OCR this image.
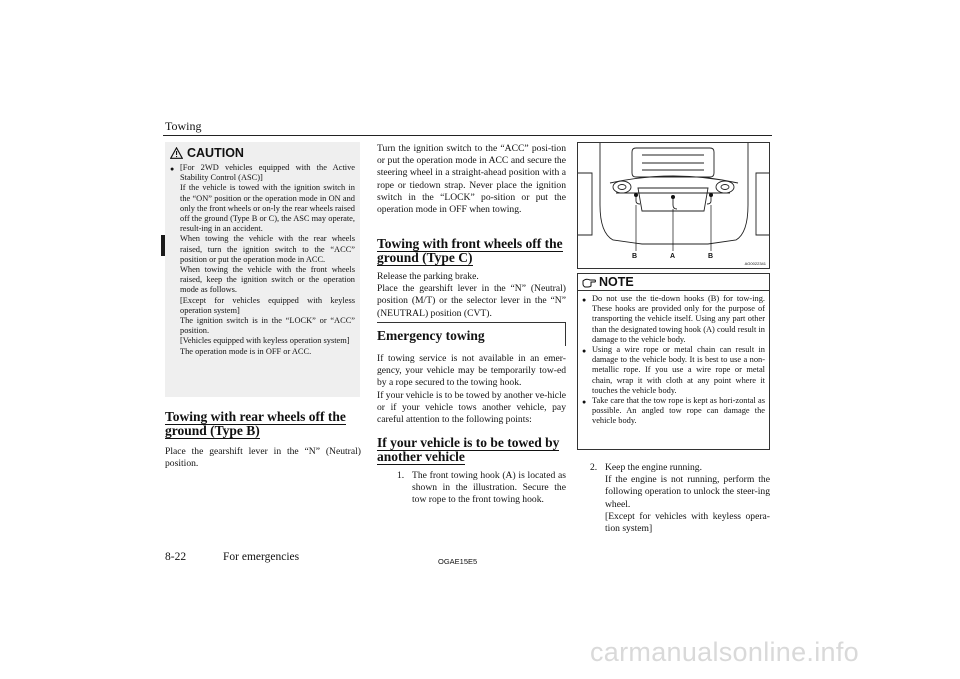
Towing
CAUTION
● [For 2WD vehicles equipped with the Active Stability Control (ASC)]

If the vehicle is towed with the ignition switch in the “ON” position or the operation mode in ON and only the front wheels or on-ly the rear wheels raised off the ground (Type B or C), the ASC may operate, result-ing in an accident.

When towing the vehicle with the rear wheels raised, turn the ignition switch to the “ACC” position or put the operation mode in ACC.

When towing the vehicle with the front wheels raised, keep the ignition switch or the operation mode as follows.

[Except for vehicles equipped with keyless operation system]

The ignition switch is in the “LOCK” or “ACC” position.

[Vehicles equipped with keyless operation system]

The operation mode is in OFF or ACC.

Towing with rear wheels off the ground (Type B)
Place the gearshift lever in the “N” (Neutral) position.
Turn the ignition switch to the “ACC” posi-tion or put the operation mode in ACC and secure the steering wheel in a straight-ahead position with a rope or tiedown strap. Never place the ignition switch in the “LOCK” po-sition or put the operation mode in OFF when towing.
Towing with front wheels off the ground (Type C)

Release the parking brake.

Place the gearshift lever in the “N” (Neutral) position (M/T) or the selector lever in the “N” (NEUTRAL) position (CVT).

Emergency towing

If towing service is not available in an emer-gency, your vehicle may be temporarily tow-ed by a rope secured to the towing hook.

If your vehicle is to be towed by another ve-hicle or if your vehicle tows another vehicle, pay careful attention to the following points:

If your vehicle is to be towed by another vehicle
1. The front towing hook (A) is located as shown in the illustration. Secure the tow rope to the front towing hook.
B	A	B
AG0022341
NOTE
● Do not use the tie-down hooks (B) for tow-ing. These hooks are provided only for the purpose of transporting the vehicle itself. Using any part other than the designated towing hook (A) could result in damage to the vehicle body.
● Using a wire rope or metal chain can result in damage to the vehicle body. It is best to use a non-metallic rope. If you use a wire rope or metal chain, wrap it with cloth at any point where it touches the vehicle body.
● Take care that the tow rope is kept as hori-zontal as possible. An angled tow rope can damage the vehicle body.
2. Keep the engine running.

If the engine is not running, perform the following operation to unlock the steer-ing wheel.

[Except for vehicles with keyless opera-tion system]

8-22	For emergencies	OGAE15E5
carmanualsonline.info
